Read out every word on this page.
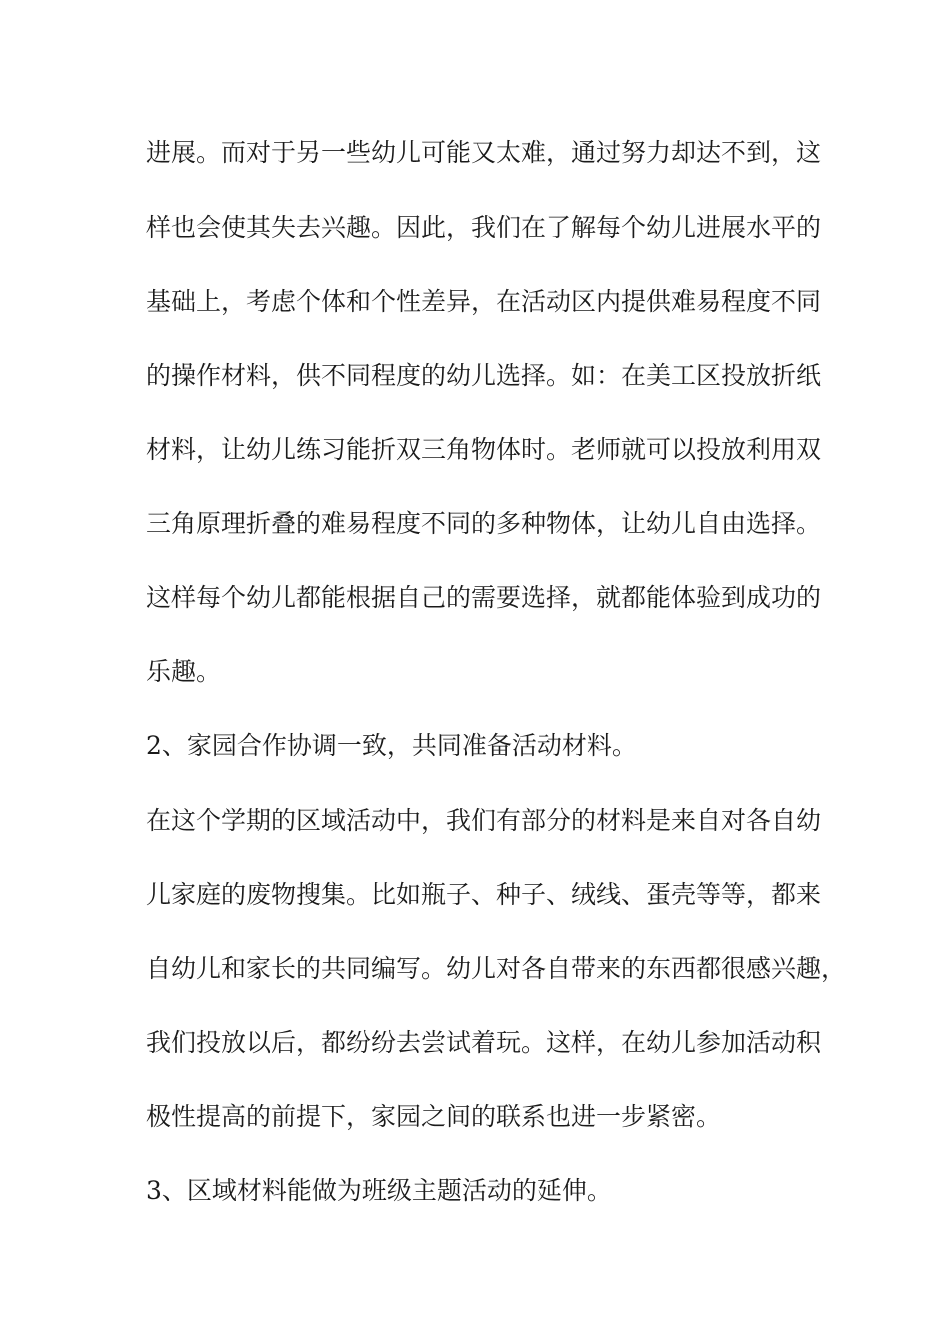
进展。而对于另一些幼儿可能又太难，通过努力却达不到，这
样也会使其失去兴趣。因此，我们在了解每个幼儿进展水平的
基础上，考虑个体和个性差异，在活动区内提供难易程度不同
的操作材料，供不同程度的幼儿选择。如：在美工区投放折纸
材料，让幼儿练习能折双三角物体时。老师就可以投放利用双
三角原理折叠的难易程度不同的多种物体，让幼儿自由选择。
这样每个幼儿都能根据自己的需要选择，就都能体验到成功的
乐趣。
2、家园合作协调一致，共同准备活动材料。
在这个学期的区域活动中，我们有部分的材料是来自对各自幼
儿家庭的废物搜集。比如瓶子、种子、绒线、蛋壳等等，都来
自幼儿和家长的共同编写。幼儿对各自带来的东西都很感兴趣，
我们投放以后，都纷纷去尝试着玩。这样，在幼儿参加活动积
极性提高的前提下，家园之间的联系也进一步紧密。
3、区域材料能做为班级主题活动的延伸。
